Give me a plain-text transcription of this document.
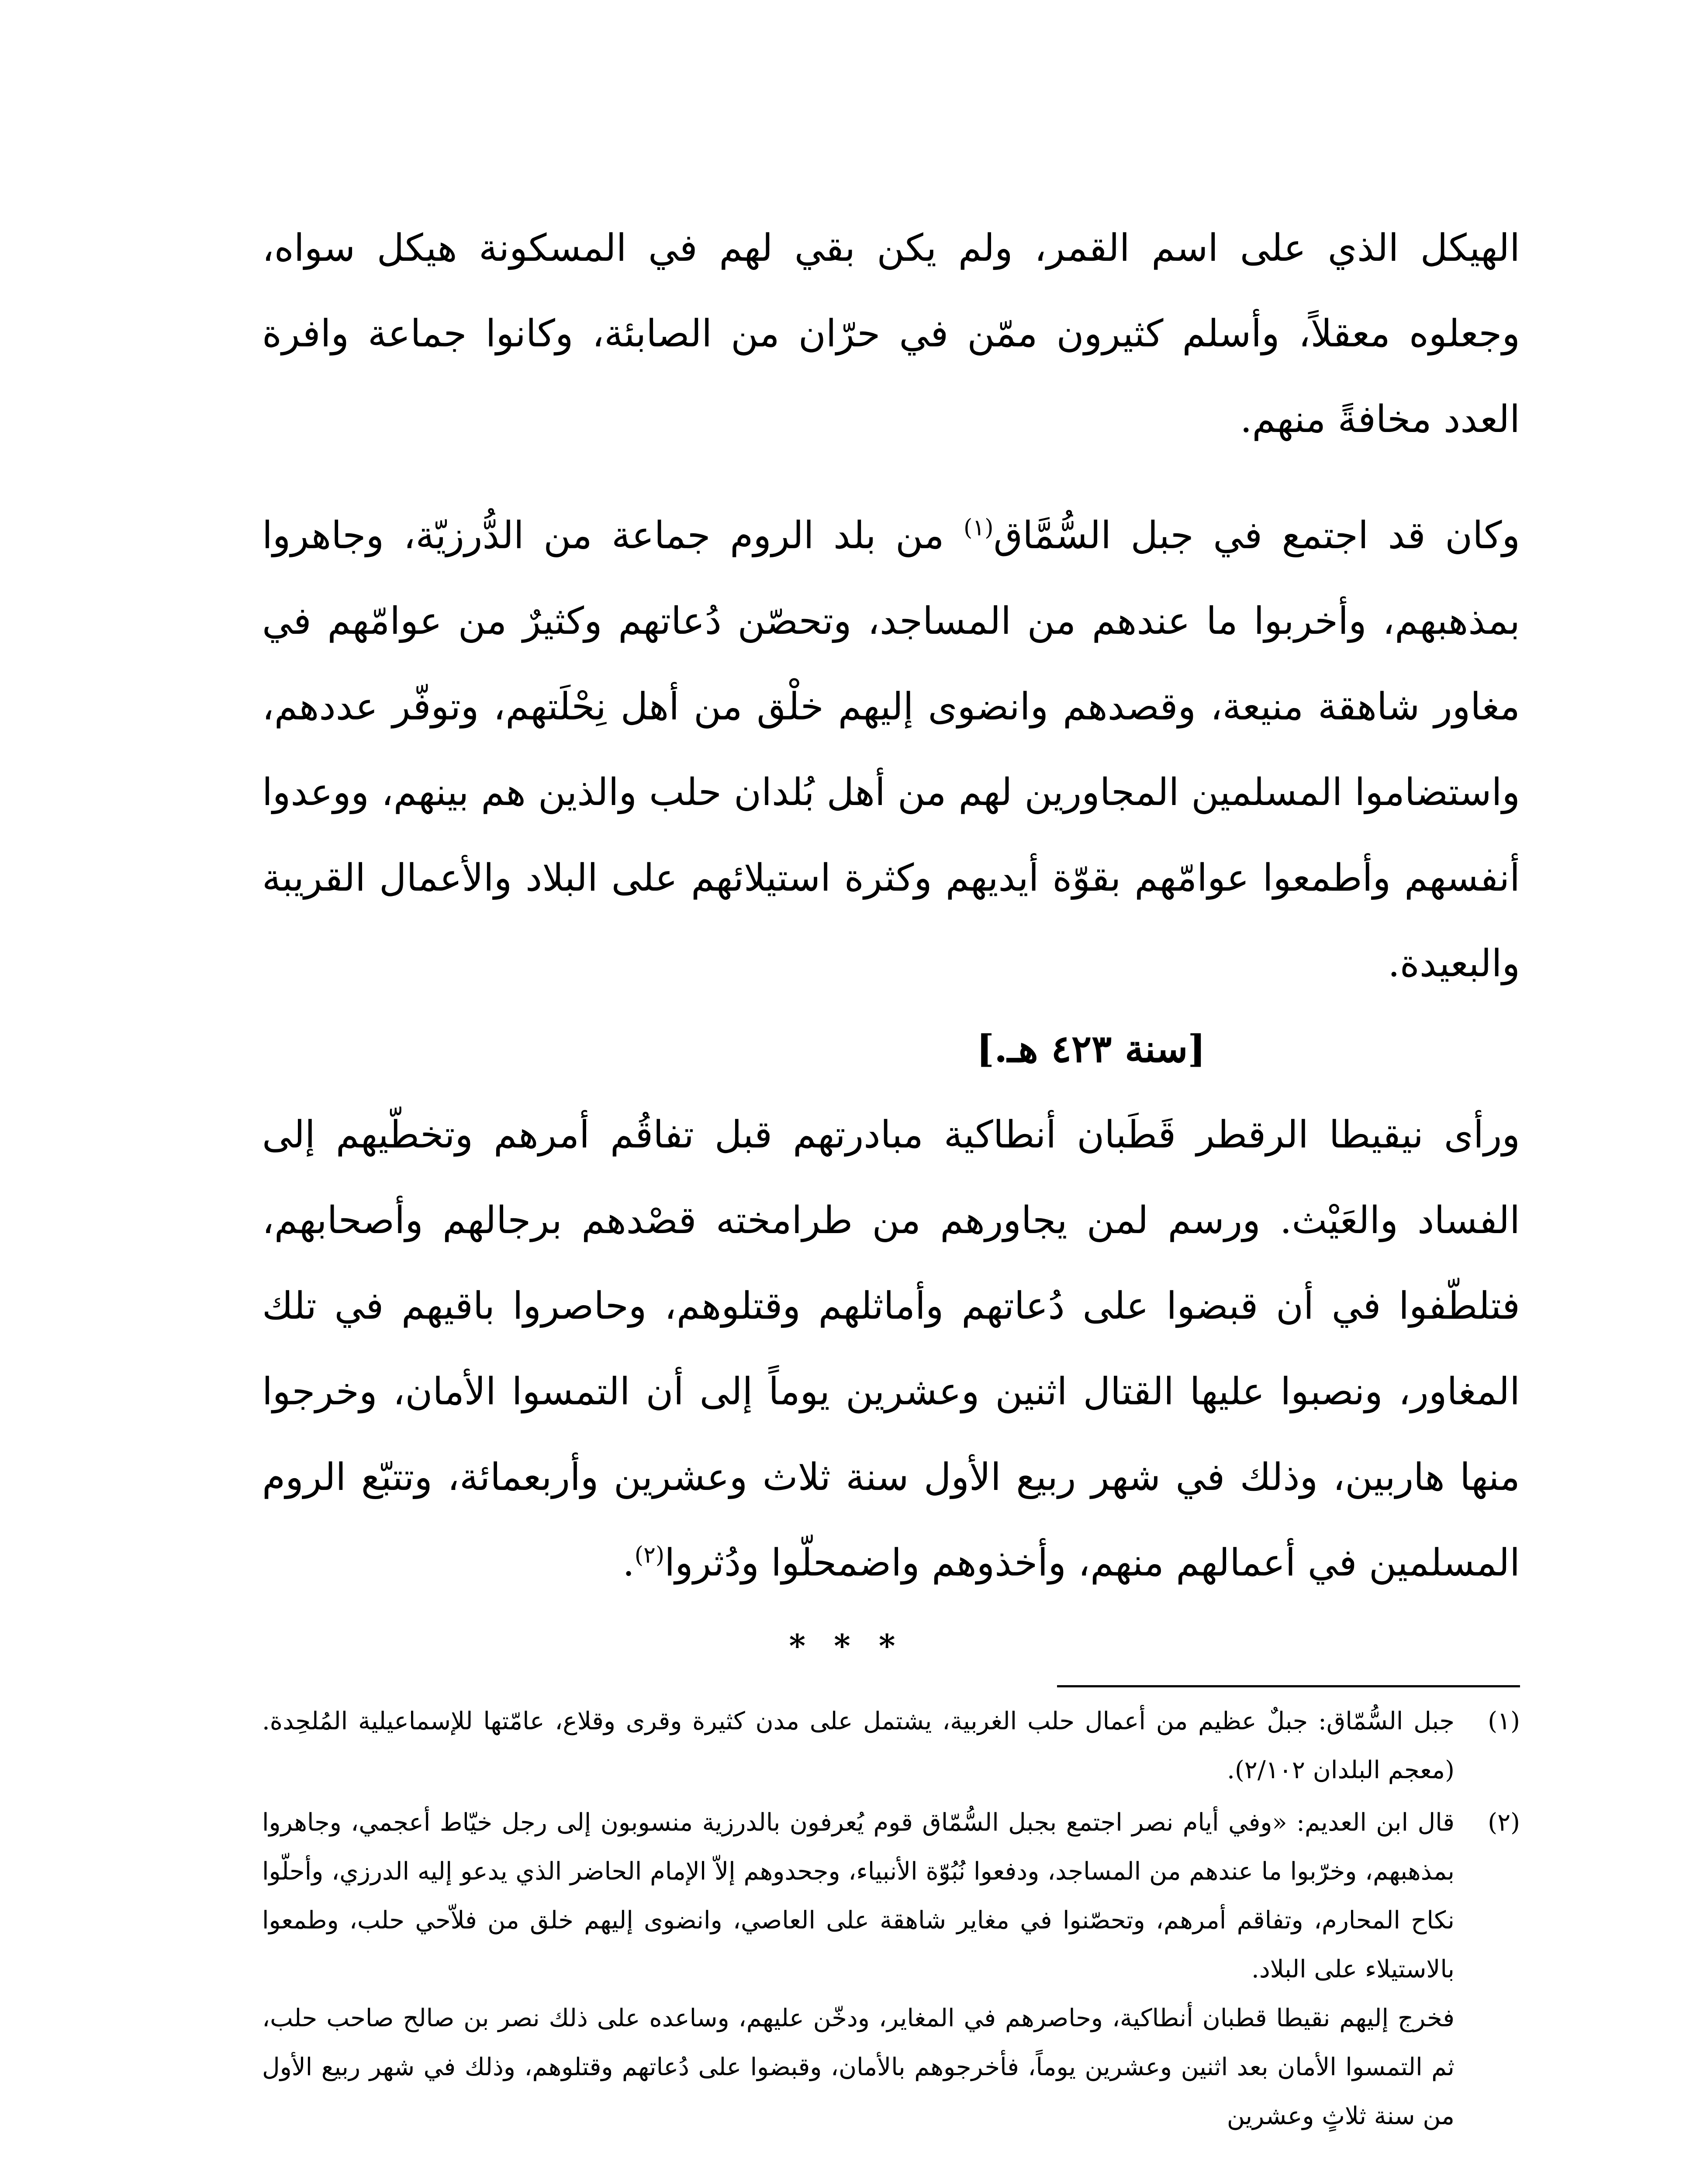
الهيكل الذي على اسم القمر، ولم يكن بقي لهم في المسكونة هيكل سواه، وجعلوه معقلاً، وأسلم كثيرون ممّن في حرّان من الصابئة، وكانوا جماعة وافرة العدد مخافةً منهم.

وكان قد اجتمع في جبل السُّمَّاق$^{(١)}$ من بلد الروم جماعة من الدُّرزيّة، وجاهروا بمذهبهم، وأخربوا ما عندهم من المساجد، وتحصّن دُعاتهم وكثيرٌ من عوامّهم في مغاور شاهقة منيعة، وقصدهم وانضوى إليهم خلْق من أهل نِحْلَتهم، وتوفّر عددهم، واستضاموا المسلمين المجاورين لهم من أهل بُلدان حلب والذين هم بينهم، ووعدوا أنفسهم وأطمعوا عوامّهم بقوّة أيديهم وكثرة استيلائهم على البلاد والأعمال القريبة والبعيدة.

[سنة ٤٢٣ هـ.]

ورأى نيقيطا الرقطر قَطَبان أنطاكية مبادرتهم قبل تفاقُم أمرهم وتخطّيهم إلى الفساد والعَيْث. ورسم لمن يجاورهم من طرامخته قصْدهم برجالهم وأصحابهم، فتلطّفوا في أن قبضوا على دُعاتهم وأماثلهم وقتلوهم، وحاصروا باقيهم في تلك المغاور، ونصبوا عليها القتال اثنين وعشرين يوماً إلى أن التمسوا الأمان، وخرجوا منها هاربين، وذلك في شهر ربيع الأول سنة ثلاث وعشرين وأربعمائة، وتتبّع الروم المسلمين في أعمالهم منهم، وأخذوهم واضمحلّوا ودُثروا$^{(٢)}$.

* * *
(١)
جبل السُّمّاق: جبلٌ عظيم من أعمال حلب الغربية، يشتمل على مدن كثيرة وقرى وقلاع، عامّتها للإسماعيلية المُلحِدة. (معجم البلدان ٢/١٠٢).
(٢)
قال ابن العديم: «وفي أيام نصر اجتمع بجبل السُّمّاق قوم يُعرفون بالدرزية منسوبون إلى رجل خيّاط أعجمي، وجاهروا بمذهبهم، وخرّبوا ما عندهم من المساجد، ودفعوا نُبُوّة الأنبياء، وجحدوهم إلاّ الإمام الحاضر الذي يدعو إليه الدرزي، وأحلّوا نكاح المحارم، وتفاقم أمرهم، وتحصّنوا في مغاير شاهقة على العاصي، وانضوى إليهم خلق من فلاّحي حلب، وطمعوا بالاستيلاء على البلاد.

فخرج إليهم نقيطا قطبان أنطاكية، وحاصرهم في المغاير، ودخّن عليهم، وساعده على ذلك نصر بن صالح صاحب حلب، ثم التمسوا الأمان بعد اثنين وعشرين يوماً، فأخرجوهم بالأمان، وقبضوا على دُعاتهم وقتلوهم، وذلك في شهر ربيع الأول من سنة ثلاثٍ وعشرين
